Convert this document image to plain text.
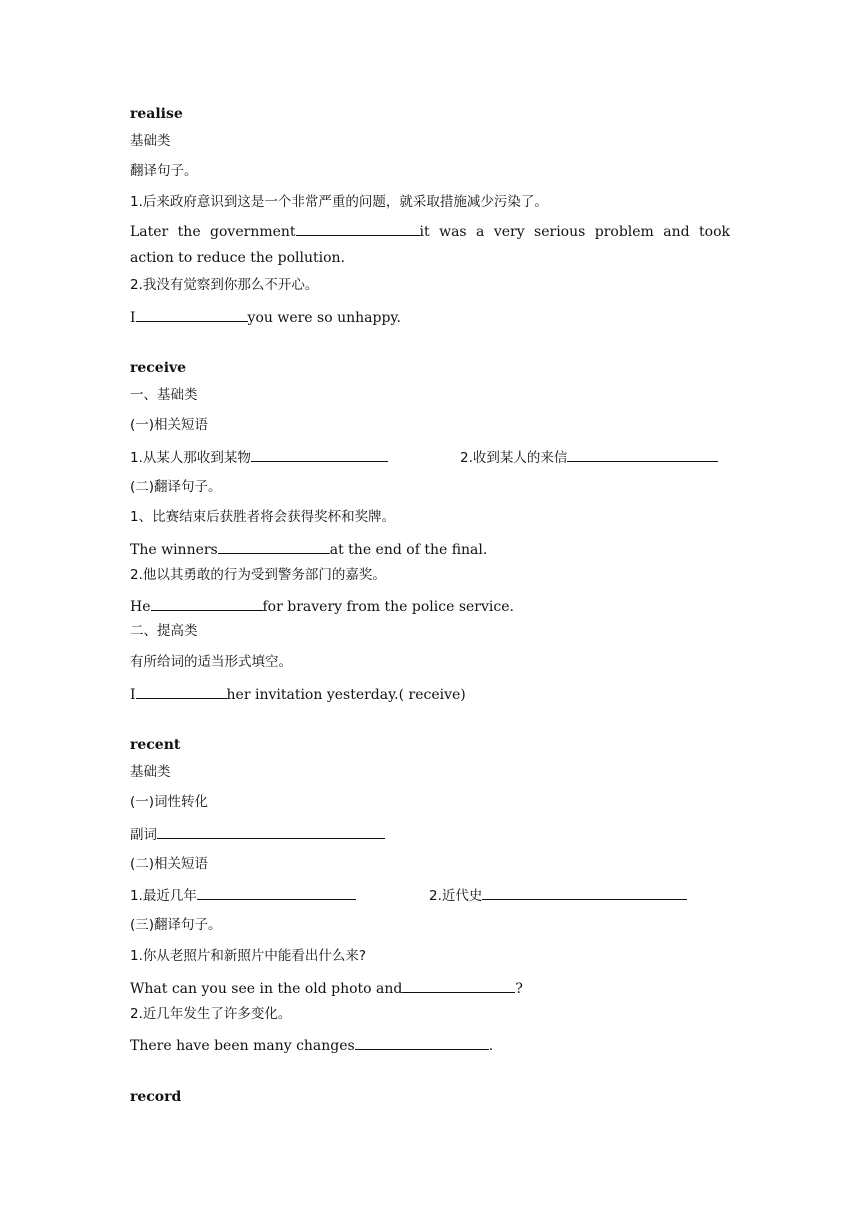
realise
基础类
翻译句子。
1.后来政府意识到这是一个非常严重的问题，就采取措施减少污染了。
Later the government	it was a very serious problem and took action to reduce the pollution.
2.我没有觉察到你那么不开心。
I	you were so unhappy.
receive
一、基础类
(一)相关短语
1.从某人那收到某物	2.收到某人的来信
(二)翻译句子。
1、比赛结束后获胜者将会获得奖杯和奖牌。
The winners	at the end of the final.
2.他以其勇敢的行为受到警务部门的嘉奖。
He	for bravery from the police service.
二、提高类
有所给词的适当形式填空。
I	her invitation yesterday.( receive)
recent
基础类
(一)词性转化
副词
(二)相关短语
1.最近几年	2.近代史
(三)翻译句子。
1.你从老照片和新照片中能看出什么来?
What can you see in the old photo and	?
2.近几年发生了许多变化。
There have been many changes	.
record
